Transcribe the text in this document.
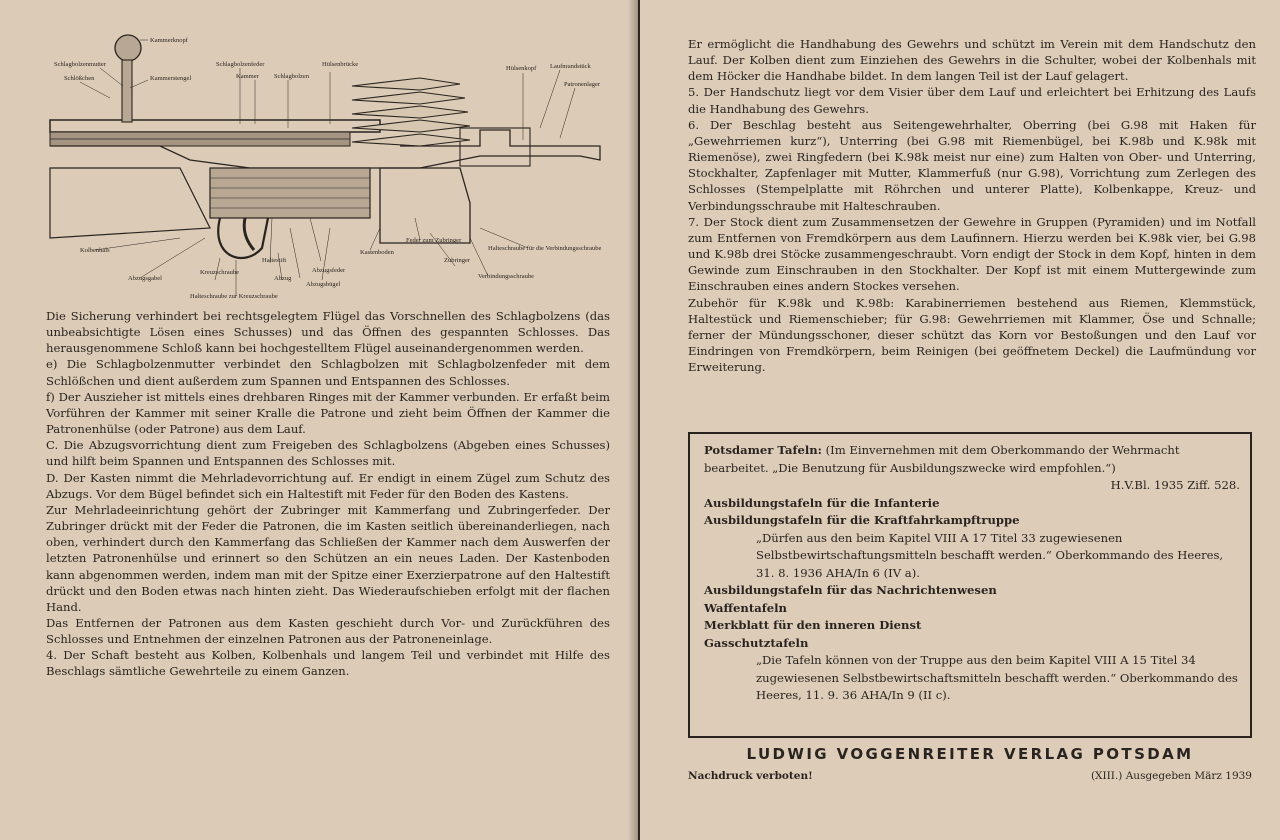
Kammerknopf
Schlagbolzenmutter
Schlößchen	Kammerstengel
Schlagbolzenfeder
Kammer Schlagbolzen
Hülsenbrücke
Hülsenkopf Laufmundstück
Patronenlager
Kolbenhals
Abzugsgabel
Kreuzschraube
Abzug
Haltestift
Abzugsfeder
Abzugsbügel
Kastenboden
Feder zum Zubringer
Zubringer
Verbindungsschraube
Halteschraube für die Verbindungsschraube
Halteschraube zur Kreuzschraube

Die Sicherung verhindert bei rechtsgelegtem Flügel das Vorschnellen des Schlagbolzens (das unbeabsichtigte Lösen eines Schusses) und das Öffnen des gespannten Schlosses. Das herausgenommene Schloß kann bei hochgestelltem Flügel auseinandergenommen werden.

e) Die Schlagbolzenmutter verbindet den Schlagbolzen mit Schlagbolzenfeder mit dem Schlößchen und dient außerdem zum Spannen und Entspannen des Schlosses.

f) Der Auszieher ist mittels eines drehbaren Ringes mit der Kammer verbunden. Er erfaßt beim Vorführen der Kammer mit seiner Kralle die Patrone und zieht beim Öffnen der Kammer die Patronenhülse (oder Patrone) aus dem Lauf.

C. Die Abzugsvorrichtung dient zum Freigeben des Schlagbolzens (Abgeben eines Schusses) und hilft beim Spannen und Entspannen des Schlosses mit.

D. Der Kasten nimmt die Mehrladevorrichtung auf. Er endigt in einem Zügel zum Schutz des Abzugs. Vor dem Bügel befindet sich ein Haltestift mit Feder für den Boden des Kastens.

Zur Mehrladeeinrichtung gehört der Zubringer mit Kammerfang und Zubringerfeder. Der Zubringer drückt mit der Feder die Patronen, die im Kasten seitlich übereinanderliegen, nach oben, verhindert durch den Kammerfang das Schließen der Kammer nach dem Auswerfen der letzten Patronenhülse und erinnert so den Schützen an ein neues Laden. Der Kastenboden kann abgenommen werden, indem man mit der Spitze einer Exerzierpatrone auf den Haltestift drückt und den Boden etwas nach hinten zieht. Das Wiederaufschieben erfolgt mit der flachen Hand.

Das Entfernen der Patronen aus dem Kasten geschieht durch Vor- und Zurückführen des Schlosses und Entnehmen der einzelnen Patronen aus der Patroneneinlage.

4. Der Schaft besteht aus Kolben, Kolbenhals und langem Teil und verbindet mit Hilfe des Beschlags sämtliche Gewehrteile zu einem Ganzen.

Er ermöglicht die Handhabung des Gewehrs und schützt im Verein mit dem Handschutz den Lauf. Der Kolben dient zum Einziehen des Gewehrs in die Schulter, wobei der Kolbenhals mit dem Höcker die Handhabe bildet. In dem langen Teil ist der Lauf gelagert.

5. Der Handschutz liegt vor dem Visier über dem Lauf und erleichtert bei Erhitzung des Laufs die Handhabung des Gewehrs.

6. Der Beschlag besteht aus Seitengewehrhalter, Oberring (bei G.98 mit Haken für „Gewehrriemen kurz“), Unterring (bei G.98 mit Riemenbügel, bei K.98b und K.98k mit Riemenöse), zwei Ringfedern (bei K.98k meist nur eine) zum Halten von Ober- und Unterring, Stockhalter, Zapfenlager mit Mutter, Klammerfuß (nur G.98), Vorrichtung zum Zerlegen des Schlosses (Stempelplatte mit Röhrchen und unterer Platte), Kolbenkappe, Kreuz- und Verbindungsschraube mit Halteschrauben.

7. Der Stock dient zum Zusammensetzen der Gewehre in Gruppen (Pyramiden) und im Notfall zum Entfernen von Fremdkörpern aus dem Laufinnern. Hierzu werden bei K.98k vier, bei G.98 und K.98b drei Stöcke zusammengeschraubt. Vorn endigt der Stock in dem Kopf, hinten in dem Gewinde zum Einschrauben in den Stockhalter. Der Kopf ist mit einem Muttergewinde zum Einschrauben eines andern Stockes versehen.

Zubehör für K.98k und K.98b: Karabinerriemen bestehend aus Riemen, Klemmstück, Haltestück und Riemenschieber; für G.98: Gewehrriemen mit Klammer, Öse und Schnalle; ferner der Mündungsschoner, dieser schützt das Korn vor Bestoßungen und den Lauf vor Eindringen von Fremdkörpern, beim Reinigen (bei geöffnetem Deckel) die Laufmündung vor Erweiterung.

Potsdamer Tafeln: (Im Einvernehmen mit dem Oberkommando der Wehrmacht bearbeitet. „Die Benutzung für Ausbildungszwecke wird empfohlen.“)

H.V.Bl. 1935 Ziff. 528.

Ausbildungstafeln für die Infanterie

Ausbildungstafeln für die Kraftfahrkampftruppe

„Dürfen aus den beim Kapitel VIII A 17 Titel 33 zugewiesenen Selbstbewirtschaftungsmitteln beschafft werden.“ Oberkommando des Heeres, 31. 8. 1936 AHA/In 6 (IV a).

Ausbildungstafeln für das Nachrichtenwesen

Waffentafeln

Merkblatt für den inneren Dienst

Gasschutztafeln

„Die Tafeln können von der Truppe aus den beim Kapitel VIII A 15 Titel 34 zugewiesenen Selbstbewirtschaftsmitteln beschafft werden.“ Oberkommando des Heeres, 11. 9. 36 AHA/In 9 (II c).

LUDWIG VOGGENREITER VERLAG POTSDAM
Nachdruck verboten!	(XIII.) Ausgegeben März 1939
